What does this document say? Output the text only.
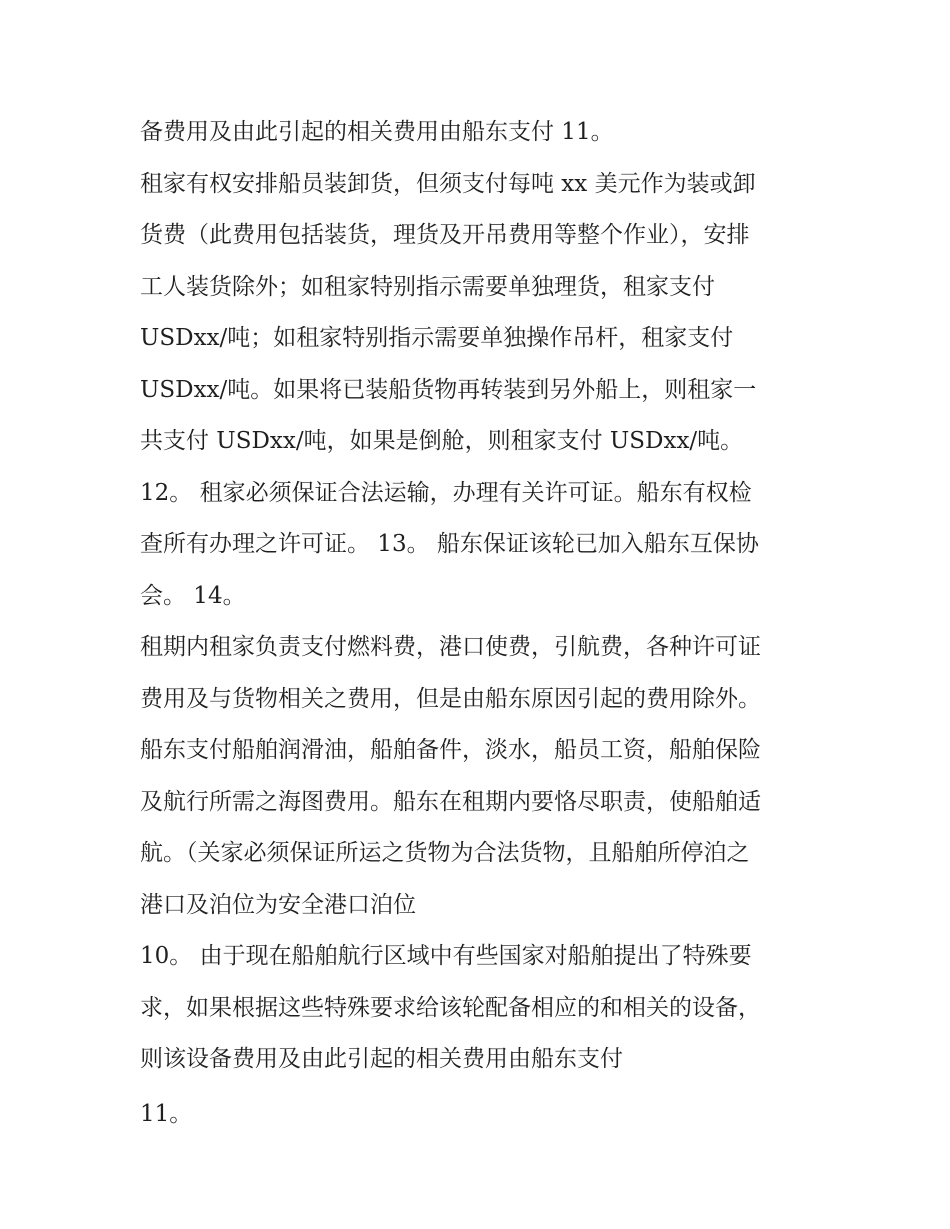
备费用及由此引起的相关费用由船东支付 11。
租家有权安排船员装卸货，但须支付每吨 xx 美元作为装或卸
货费（此费用包括装货，理货及开吊费用等整个作业），安排
工人装货除外；如租家特别指示需要单独理货，租家支付
USDxx/吨；如租家特别指示需要单独操作吊杆，租家支付
USDxx/吨。如果将已装船货物再转装到另外船上，则租家一
共支付 USDxx/吨，如果是倒舱，则租家支付 USDxx/吨。
12。 租家必须保证合法运输，办理有关许可证。船东有权检
查所有办理之许可证。 13。 船东保证该轮已加入船东互保协
会。 14。
租期内租家负责支付燃料费，港口使费，引航费，各种许可证
费用及与货物相关之费用，但是由船东原因引起的费用除外。
船东支付船舶润滑油，船舶备件，淡水，船员工资，船舶保险
及航行所需之海图费用。船东在租期内要恪尽职责，使船舶适
航。（关家必须保证所运之货物为合法货物，且船舶所停泊之
港口及泊位为安全港口泊位
10。 由于现在船舶航行区域中有些国家对船舶提出了特殊要
求，如果根据这些特殊要求给该轮配备相应的和相关的设备，
则该设备费用及由此引起的相关费用由船东支付
11。
